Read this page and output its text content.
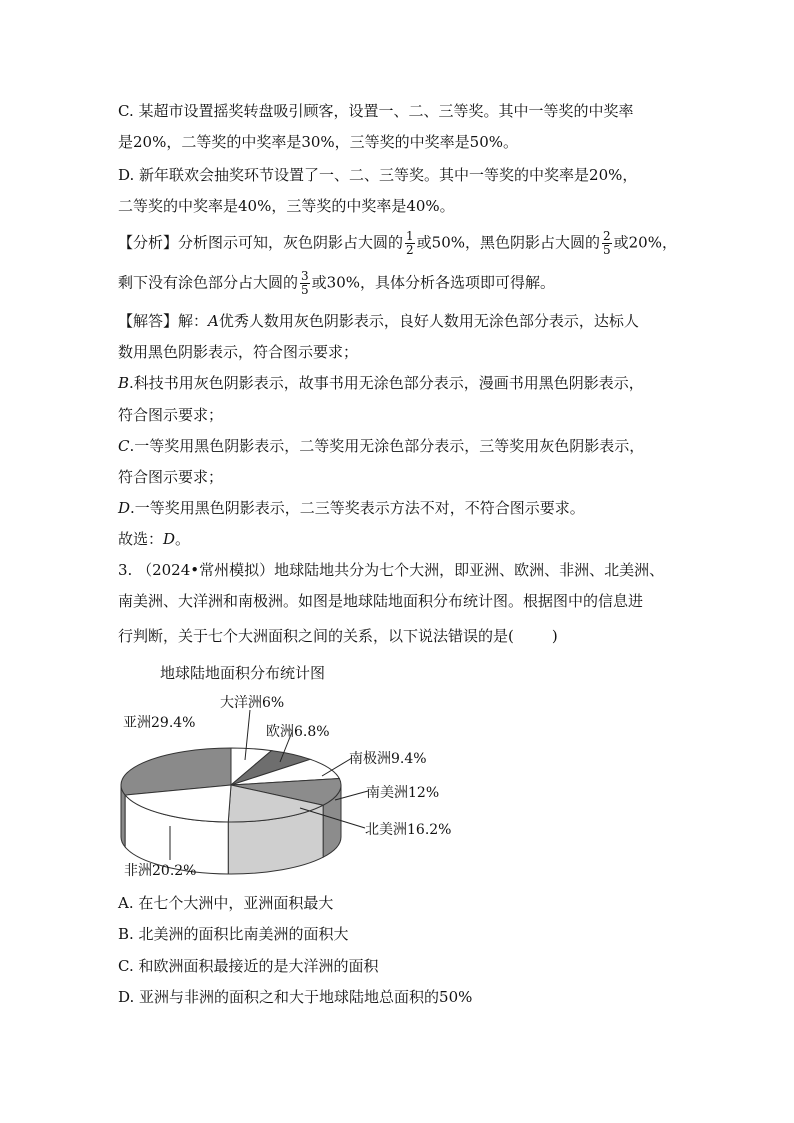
C. 某超市设置摇奖转盘吸引顾客，设置一、二、三等奖。其中一等奖的中奖率
是20%，二等奖的中奖率是30%，三等奖的中奖率是50%。
D. 新年联欢会抽奖环节设置了一、二、三等奖。其中一等奖的中奖率是20%，
二等奖的中奖率是40%，三等奖的中奖率是40%。
【分析】分析图示可知，灰色阴影占大圆的 $\frac{1}{2}$ 或50%，黑色阴影占大圆的 $\frac{2}{5}$ 或20%，
剩下没有涂色部分占大圆的 $\frac{3}{5}$ 或30%，具体分析各选项即可得解。
【解答】解：A优秀人数用灰色阴影表示，良好人数用无涂色部分表示，达标人
数用黑色阴影表示，符合图示要求；
B.科技书用灰色阴影表示，故事书用无涂色部分表示，漫画书用黑色阴影表示，
符合图示要求；
C.一等奖用黑色阴影表示，二等奖用无涂色部分表示，三等奖用灰色阴影表示，
符合图示要求；
D.一等奖用黑色阴影表示，二三等奖表示方法不对，不符合图示要求。
故选：D。
3. （2024•常州模拟）地球陆地共分为七个大洲，即亚洲、欧洲、非洲、北美洲、
南美洲、大洋洲和南极洲。如图是地球陆地面积分布统计图。根据图中的信息进
行判断，关于七个大洲面积之间的关系，以下说法错误的是(	)
地球陆地面积分布统计图
大洋洲6%
亚洲29.4%
欧洲6.8%
南极洲9.4%
南美洲12%
北美洲16.2%
非洲20.2%
A. 在七个大洲中，亚洲面积最大
B. 北美洲的面积比南美洲的面积大
C. 和欧洲面积最接近的是大洋洲的面积
D. 亚洲与非洲的面积之和大于地球陆地总面积的50%
